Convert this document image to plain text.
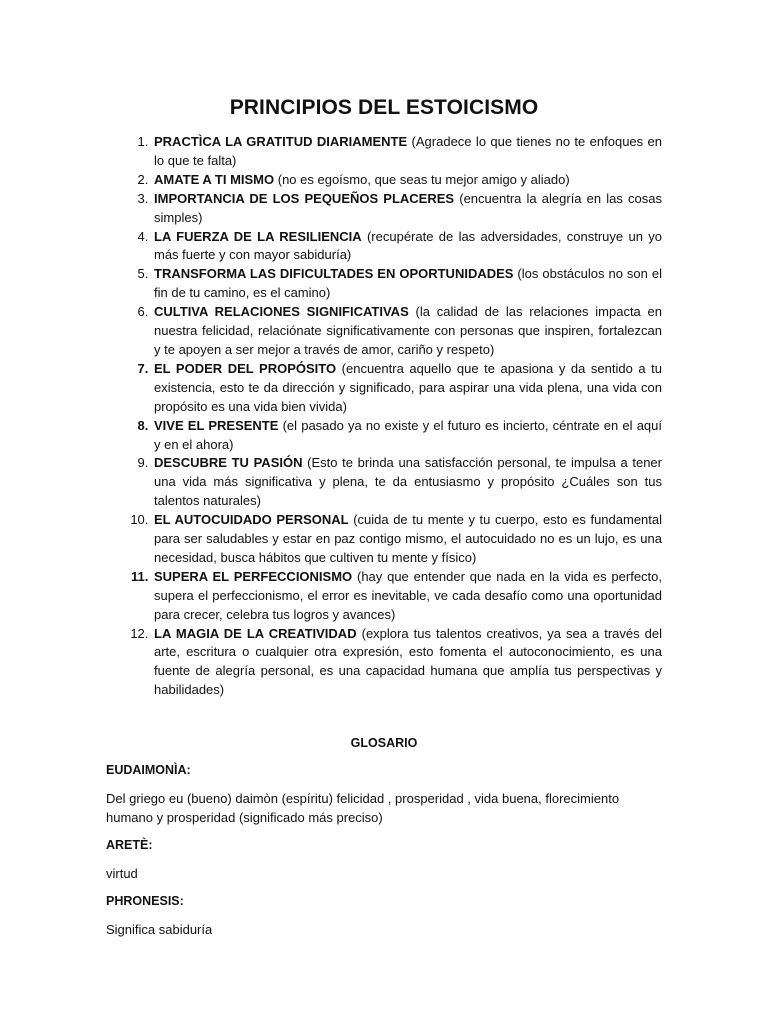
PRINCIPIOS DEL ESTOICISMO
1. PRACTÌCA LA GRATITUD DIARIAMENTE (Agradece lo que tienes no te enfoques en lo que te falta)
2. AMATE A TI MISMO (no es egoísmo, que seas tu mejor amigo y aliado)
3. IMPORTANCIA DE LOS PEQUEÑOS PLACERES (encuentra la alegría en las cosas simples)
4. LA FUERZA DE LA RESILIENCIA (recupérate de las adversidades, construye un yo más fuerte y con mayor sabiduría)
5. TRANSFORMA LAS DIFICULTADES EN OPORTUNIDADES (los obstáculos no son el fin de tu camino, es el camino)
6. CULTIVA RELACIONES SIGNIFICATIVAS (la calidad de las relaciones impacta en nuestra felicidad, relaciónate significativamente con personas que inspiren, fortalezcan y te apoyen a ser mejor a través de amor, cariño y respeto)
7. EL PODER DEL PROPÓSITO (encuentra aquello que te apasiona y da sentido a tu existencia, esto te da dirección y significado, para aspirar una vida plena, una vida con propósito es una vida bien vivida)
8. VIVE EL PRESENTE (el pasado ya no existe y el futuro es incierto, céntrate en el aquí y en el ahora)
9. DESCUBRE TU PASIÓN (Esto te brinda una satisfacción personal, te impulsa a tener una vida más significativa y plena, te da entusiasmo y propósito ¿Cuáles son tus talentos naturales)
10. EL AUTOCUIDADO PERSONAL (cuida de tu mente y tu cuerpo, esto es fundamental para ser saludables y estar en paz contigo mismo, el autocuidado no es un lujo, es una necesidad, busca hábitos que cultiven tu mente y físico)
11. SUPERA EL PERFECCIONISMO (hay que entender que nada en la vida es perfecto, supera el perfeccionismo, el error es inevitable, ve cada desafío como una oportunidad para crecer, celebra tus logros y avances)
12. LA MAGIA DE LA CREATIVIDAD (explora tus talentos creativos, ya sea a través del arte, escritura o cualquier otra expresión, esto fomenta el autoconocimiento, es una fuente de alegría personal, es una capacidad humana que amplía tus perspectivas y habilidades)

GLOSARIO

EUDAIMONÌA:

Del griego eu (bueno) daimòn (espíritu) felicidad , prosperidad , vida buena, florecimiento humano y prosperidad (significado más preciso)

ARETÈ:

virtud

PHRONESIS:

Significa sabiduría
